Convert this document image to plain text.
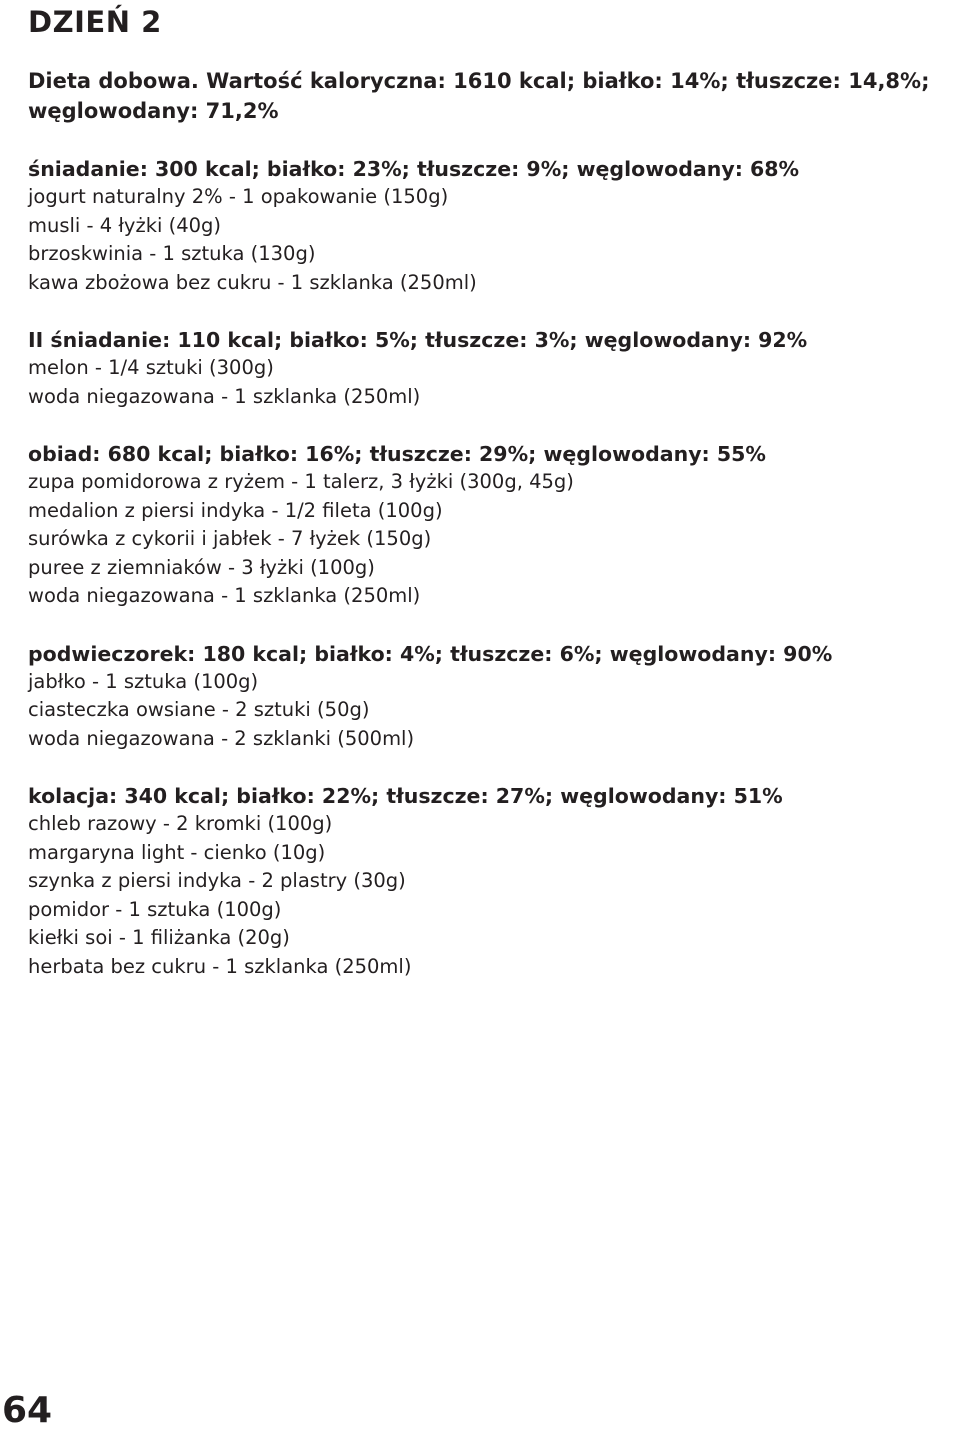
DZIEŃ 2

Dieta dobowa. Wartość kaloryczna: 1610 kcal; białko: 14%; tłuszcze: 14,8%; węglowodany: 71,2%

śniadanie: 300 kcal; białko: 23%; tłuszcze: 9%; węglowodany: 68%

jogurt naturalny 2% - 1 opakowanie (150g)

musli - 4 łyżki (40g)

brzoskwinia - 1 sztuka (130g)

kawa zbożowa bez cukru - 1 szklanka (250ml)

II śniadanie: 110 kcal; białko: 5%; tłuszcze: 3%; węglowodany: 92%

melon - 1/4 sztuki (300g)

woda niegazowana - 1 szklanka (250ml)

obiad: 680 kcal; białko: 16%; tłuszcze: 29%; węglowodany: 55%

zupa pomidorowa z ryżem - 1 talerz, 3 łyżki (300g, 45g)

medalion z piersi indyka - 1/2 fileta (100g)

surówka z cykorii i jabłek - 7 łyżek (150g)

puree z ziemniaków - 3 łyżki (100g)

woda niegazowana - 1 szklanka (250ml)

podwieczorek: 180 kcal; białko: 4%; tłuszcze: 6%; węglowodany: 90%

jabłko - 1 sztuka (100g)

ciasteczka owsiane - 2 sztuki (50g)

woda niegazowana - 2 szklanki (500ml)

kolacja: 340 kcal; białko: 22%; tłuszcze: 27%; węglowodany: 51%

chleb razowy - 2 kromki (100g)

margaryna light - cienko (10g)

szynka z piersi indyka - 2 plastry (30g)

pomidor - 1 sztuka (100g)

kiełki soi - 1 filiżanka (20g)

herbata bez cukru - 1 szklanka (250ml)

64
